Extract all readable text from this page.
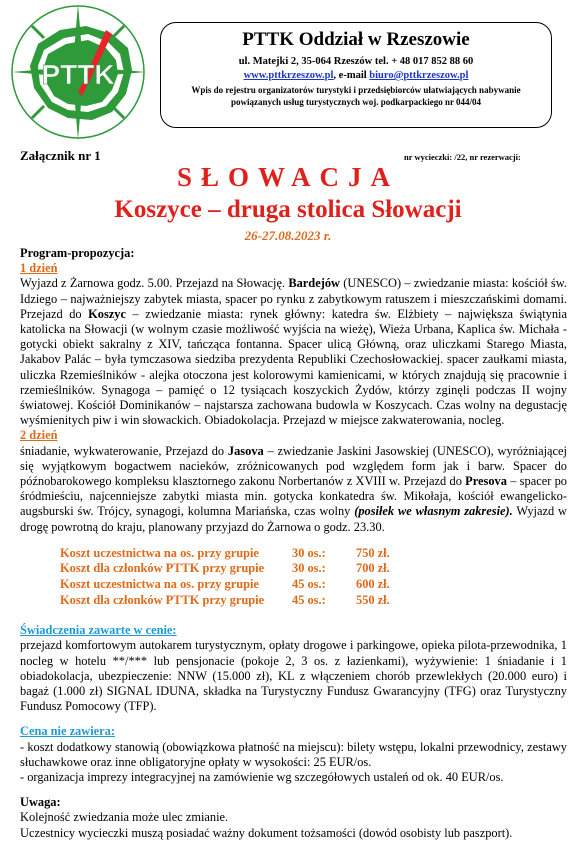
PTTK
PTTK Oddział w Rzeszowie
ul. Matejki 2, 35-064 Rzeszów tel. + 48 017 852 88 60
www.pttkrzeszow.pl, e-mail biuro@pttkrzeszow.pl
Wpis do rejestru organizatorów turystyki i przedsiębiorców ułatwiających nabywanie powiązanych usług turystycznych woj. podkarpackiego nr 044/04
Załącznik nr 1	nr wycieczki: /22, nr rezerwacji:
SŁOWACJA
Koszyce – druga stolica Słowacji
26-27.08.2023 r.
Program-propozycja:
1 dzień

Wyjazd z Żarnowa godz. 5.00. Przejazd na Słowację. Bardejów (UNESCO) – zwiedzanie miasta: kościół św. Idziego – najważniejszy zabytek miasta, spacer po rynku z zabytkowym ratuszem i mieszczańskimi domami. Przejazd do Koszyc – zwiedzanie miasta: rynek główny: katedra św. Elżbiety – największa świątynia katolicka na Słowacji (w wolnym czasie możliwość wyjścia na wieżę), Wieża Urbana, Kaplica św. Michała - gotycki obiekt sakralny z XIV, tańcząca fontanna. Spacer ulicą Główną, oraz uliczkami Starego Miasta, Jakabov Palác – była tymczasowa siedziba prezydenta Republiki Czechosłowackiej. spacer zaułkami miasta, uliczka Rzemieślników - alejka otoczona jest kolorowymi kamienicami, w których znajdują się pracownie i rzemieślników. Synagoga – pamięć o 12 tysiącach koszyckich Żydów, którzy zginęli podczas II wojny światowej. Kościół Dominikanów – najstarsza zachowana budowla w Koszycach. Czas wolny na degustację wyśmienitych piw i win słowackich. Obiadokolacja. Przejazd w miejsce zakwaterowania, nocleg.

2 dzień

śniadanie, wykwaterowanie, Przejazd do Jasova – zwiedzanie Jaskini Jasowskiej (UNESCO), wyróżniającej się wyjątkowym bogactwem nacieków, zróżnicowanych pod względem form jak i barw. Spacer do późnobarokowego kompleksu klasztornego zakonu Norbertanów z XVIII w. Przejazd do Presova – spacer po śródmieściu, najcenniejsze zabytki miasta min. gotycka konkatedra św. Mikołaja, kościół ewangelicko-augsburski św. Trójcy, synagogi, kolumna Mariańska, czas wolny (posiłek we własnym zakresie). Wyjazd w drogę powrotną do kraju, planowany przyjazd do Żarnowa o godz. 23.30.

Koszt uczestnictwa na os. przy grupie	30 os.:	750 zł.
Koszt dla członków PTTK przy grupie	30 os.:	700 zł.
Koszt uczestnictwa na os. przy grupie	45 os.:	600 zł.
Koszt dla członków PTTK przy grupie	45 os.:	550 zł.
Świadczenia zawarte w cenie:

przejazd komfortowym autokarem turystycznym, opłaty drogowe i parkingowe, opieka pilota-przewodnika, 1 nocleg w hotelu **/*** lub pensjonacie (pokoje 2, 3 os. z łazienkami), wyżywienie: 1 śniadanie i 1 obiadokolacja, ubezpieczenie: NNW (15.000 zł), KL z włączeniem chorób przewlekłych (20.000 euro) i bagaż (1.000 zł) SIGNAL IDUNA, składka na Turystyczny Fundusz Gwarancyjny (TFG) oraz Turystyczny Fundusz Pomocowy (TFP).

Cena nie zawiera:

- koszt dodatkowy stanowią (obowiązkowa płatność na miejscu): bilety wstępu, lokalni przewodnicy, zestawy słuchawkowe oraz inne obligatoryjne opłaty w wysokości: 25 EUR/os.

- organizacja imprezy integracyjnej na zamówienie wg szczegółowych ustaleń od ok. 40 EUR/os.

Uwaga:

Kolejność zwiedzania może ulec zmianie.

Uczestnicy wycieczki muszą posiadać ważny dokument tożsamości (dowód osobisty lub paszport).
